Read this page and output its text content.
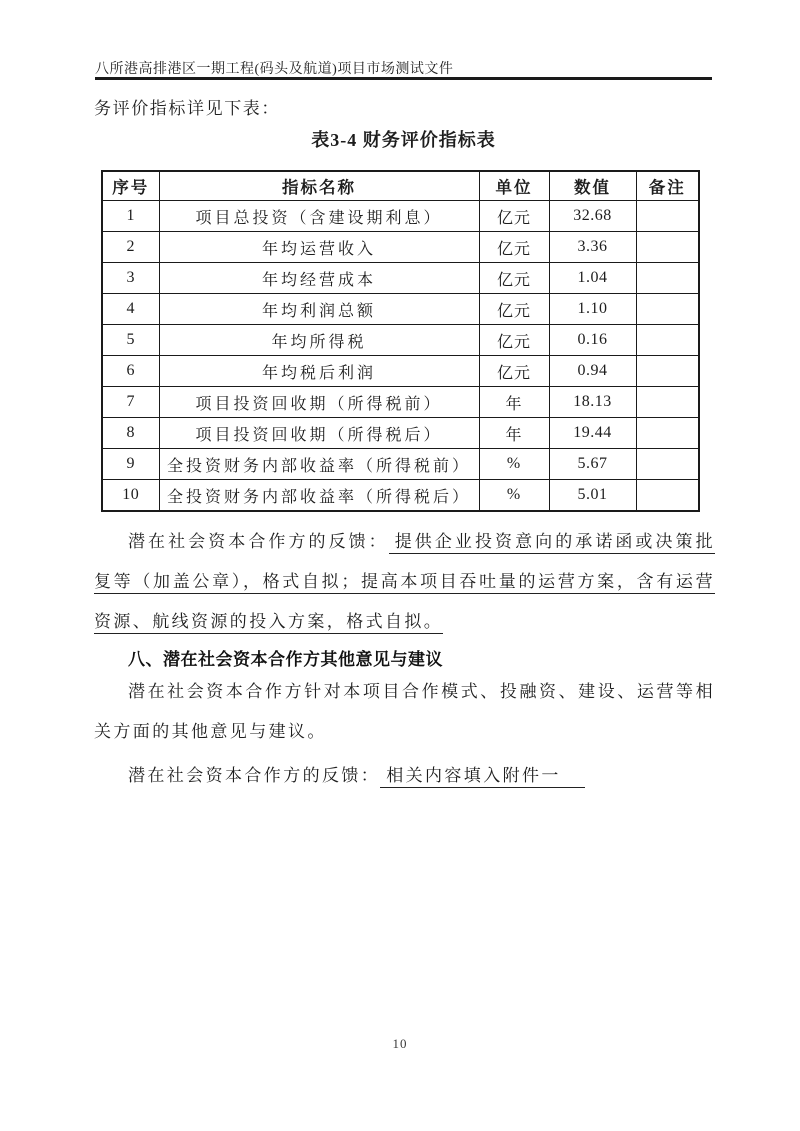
八所港高排港区一期工程(码头及航道)项目市场测试文件

务评价指标详见下表：

表3-4 财务评价指标表

序号	指标名称	单位	数值	备注
1	项目总投资（含建设期利息）	亿元	32.68	
2	年均运营收入	亿元	3.36	
3	年均经营成本	亿元	1.04	
4	年均利润总额	亿元	1.10	
5	年均所得税	亿元	0.16	
6	年均税后利润	亿元	0.94	
7	项目投资回收期（所得税前）	年	18.13	
8	项目投资回收期（所得税后）	年	19.44	
9	全投资财务内部收益率（所得税前）	%	5.67	
10	全投资财务内部收益率（所得税后）	%	5.01	

潜在社会资本合作方的反馈： 提供企业投资意向的承诺函或决策批复等（加盖公章），格式自拟；提高本项目吞吐量的运营方案，含有运营资源、航线资源的投入方案，格式自拟。

八、潜在社会资本合作方其他意见与建议

潜在社会资本合作方针对本项目合作模式、投融资、建设、运营等相关方面的其他意见与建议。

潜在社会资本合作方的反馈： 相关内容填入附件一

10
